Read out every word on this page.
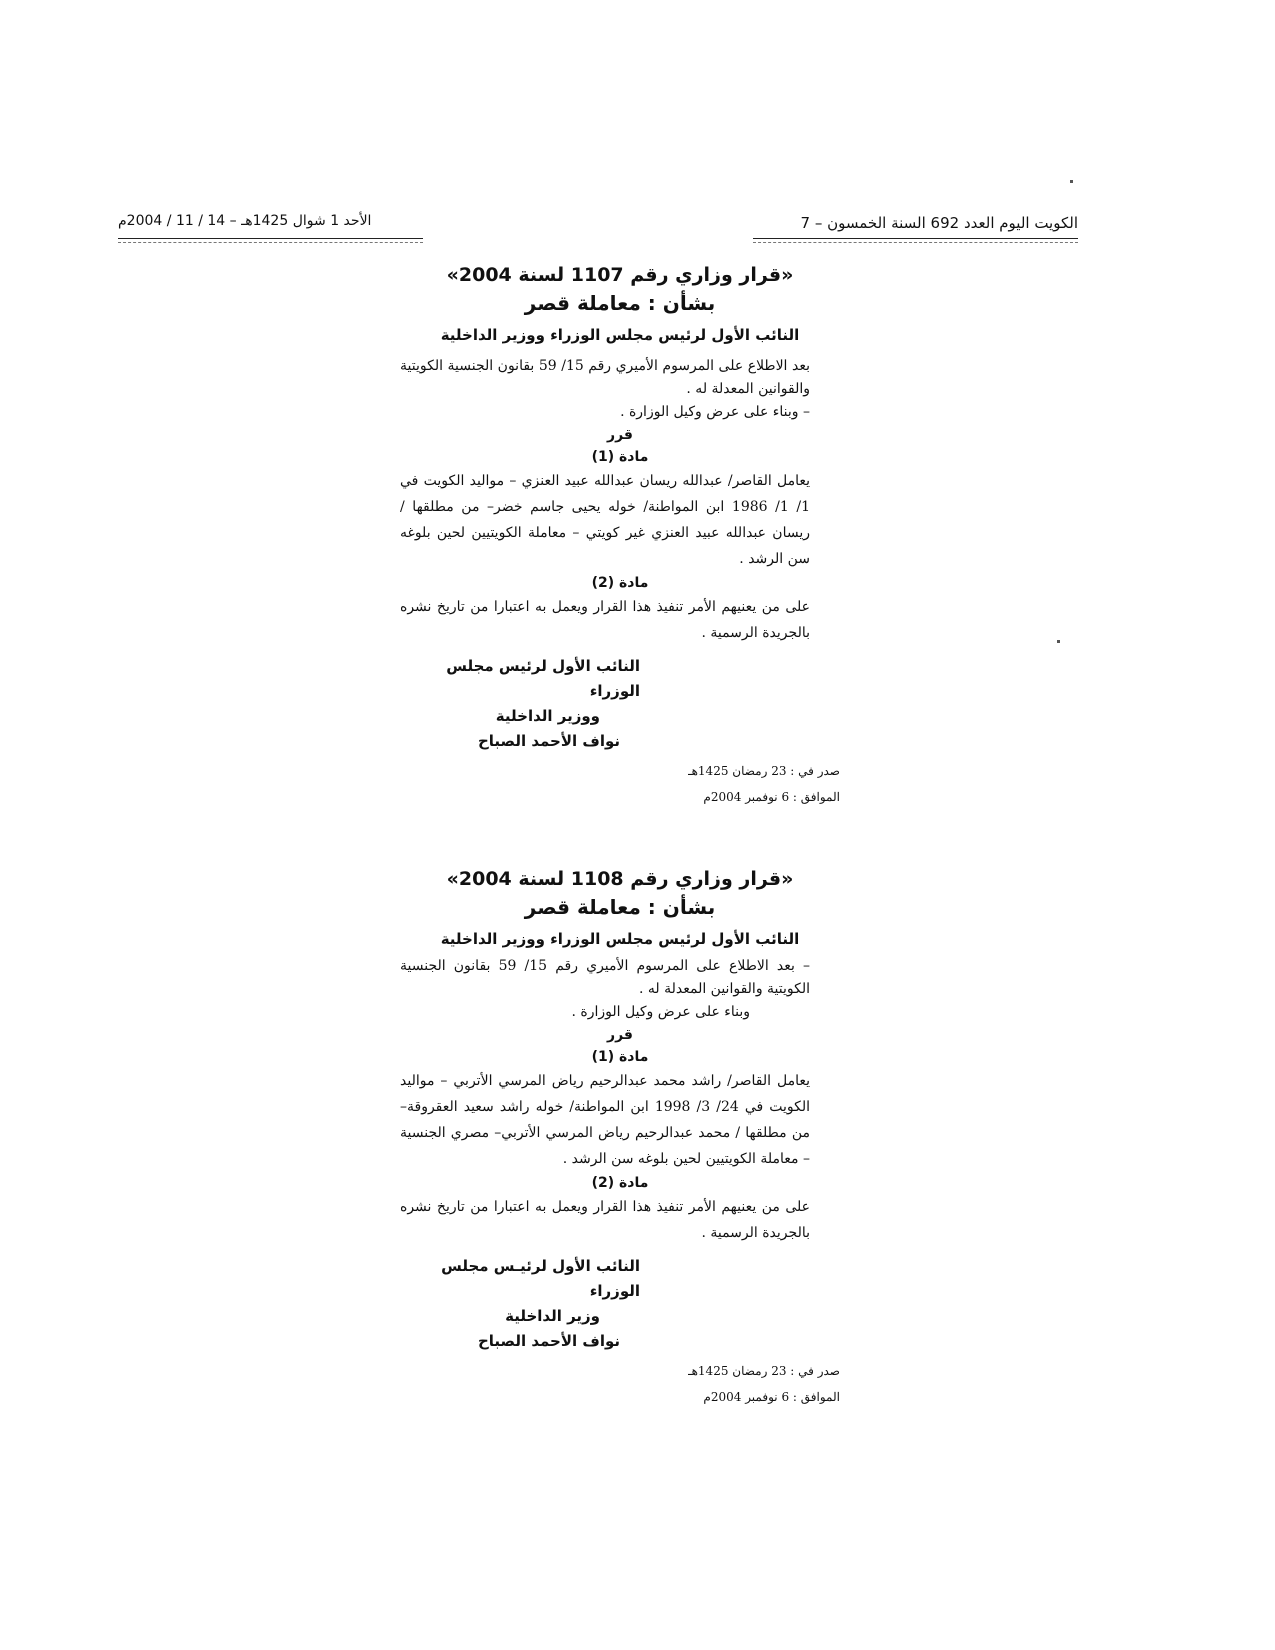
الكويت اليوم العدد 692 السنة الخمسون – 7
الأحد 1 شوال 1425هـ – 14 / 11 / 2004م
«قرار وزاري رقم 1107 لسنة 2004»
بشأن : معاملة قصر
النائب الأول لرئيس مجلس الوزراء ووزير الداخلية
بعد الاطلاع على المرسوم الأميري رقم 15/ 59 بقانون الجنسية الكويتية والقوانين المعدلة له .
– وبناء على عرض وكيل الوزارة .
قرر
مادة (1)
يعامل القاصر/ عبدالله ريسان عبدالله عبيد العنزي – مواليد الكويت في 1/ 1/ 1986 ابن المواطنة/ خوله يحيى جاسم خضر– من مطلقها / ريسان عبدالله عبيد العنزي غير كويتي – معاملة الكويتيين لحين بلوغه سن الرشد .
مادة (2)
على من يعنيهم الأمر تنفيذ هذا القرار ويعمل به اعتبارا من تاريخ نشره بالجريدة الرسمية .
النائب الأول لرئيس مجلس الوزراء
ووزير الداخلية
نواف الأحمد الصباح
صدر في : 23 رمضان 1425هـ
الموافق : 6 نوفمبر 2004م
«قرار وزاري رقم 1108 لسنة 2004»
بشأن : معاملة قصر
النائب الأول لرئيس مجلس الوزراء ووزير الداخلية
– بعد الاطلاع على المرسوم الأميري رقم 15/ 59 بقانون الجنسية الكويتية والقوانين المعدلة له .
وبناء على عرض وكيل الوزارة .
قرر
مادة (1)
يعامل القاصر/ راشد محمد عبدالرحيم رياض المرسي الأتربي – مواليد الكويت في 24/ 3/ 1998 ابن المواطنة/ خوله راشد سعيد العقروقة– من مطلقها / محمد عبدالرحيم رياض المرسي الأتربي– مصري الجنسية – معاملة الكويتيين لحين بلوغه سن الرشد .
مادة (2)
على من يعنيهم الأمر تنفيذ هذا القرار ويعمل به اعتبارا من تاريخ نشره بالجريدة الرسمية .
النائب الأول لرئيـس مجلس الوزراء
وزير الداخلية
نواف الأحمد الصباح
صدر في : 23 رمضان 1425هـ
الموافق : 6 نوفمبر 2004م
